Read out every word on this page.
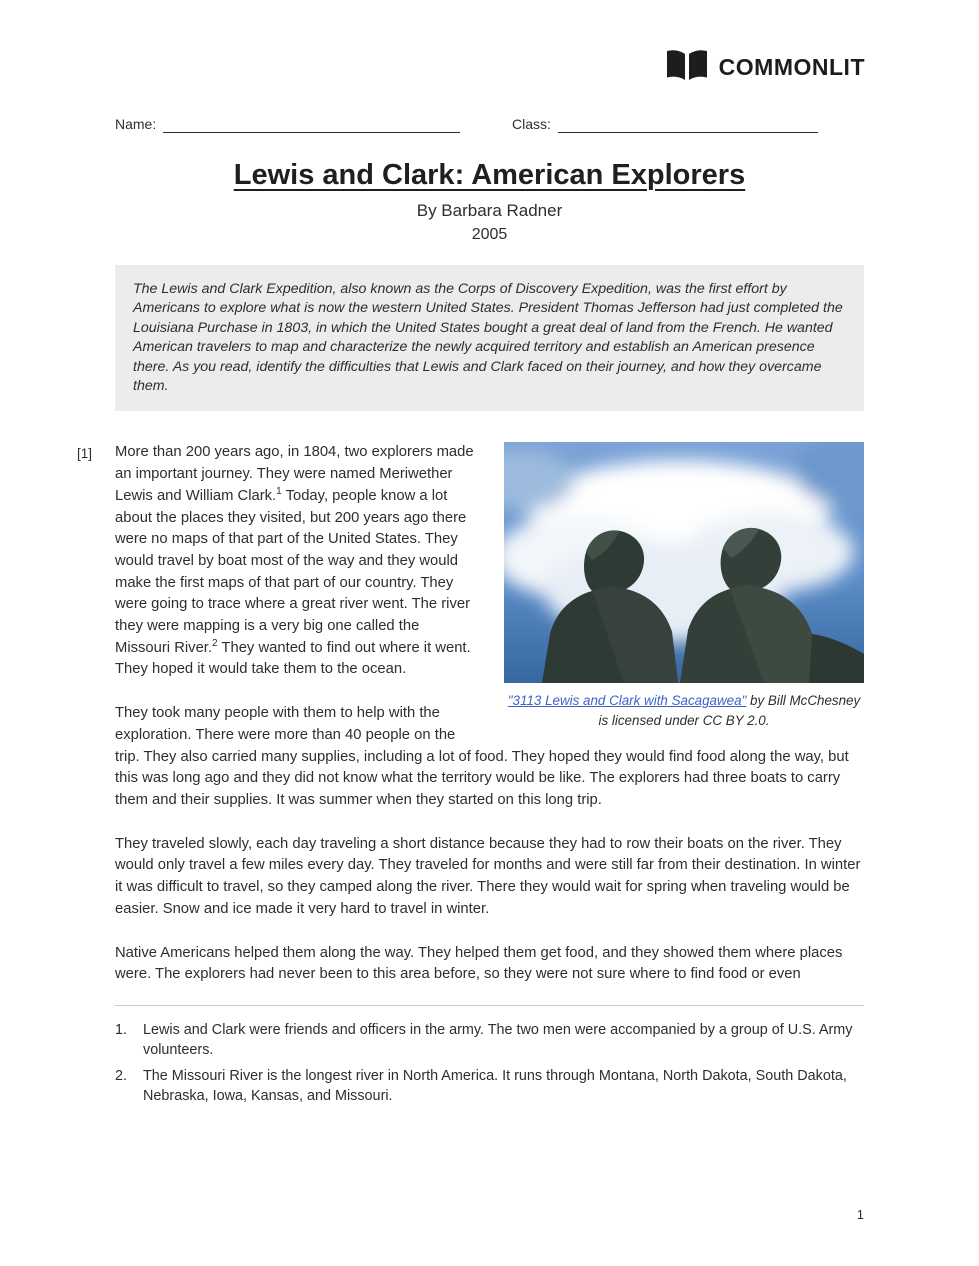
COMMONLIT
Name:	Class:
Lewis and Clark: American Explorers
By Barbara Radner
2005
The Lewis and Clark Expedition, also known as the Corps of Discovery Expedition, was the first effort by Americans to explore what is now the western United States. President Thomas Jefferson had just completed the Louisiana Purchase in 1803, in which the United States bought a great deal of land from the French. He wanted American travelers to map and characterize the newly acquired territory and establish an American presence there. As you read, identify the difficulties that Lewis and Clark faced on their journey, and how they overcame them.
"3113 Lewis and Clark with Sacagawea" by Bill McChesney is licensed under CC BY 2.0.

[1] More than 200 years ago, in 1804, two explorers made an important journey. They were named Meriwether Lewis and William Clark.$^1$ Today, people know a lot about the places they visited, but 200 years ago there were no maps of that part of the United States. They would travel by boat most of the way and they would make the first maps of that part of our country. They were going to trace where a great river went. The river they were mapping is a very big one called the Missouri River.$^2$ They wanted to find out where it went. They hoped it would take them to the ocean.

They took many people with them to help with the exploration. There were more than 40 people on the trip. They also carried many supplies, including a lot of food. They hoped they would find food along the way, but this was long ago and they did not know what the territory would be like. The explorers had three boats to carry them and their supplies. It was summer when they started on this long trip.

They traveled slowly, each day traveling a short distance because they had to row their boats on the river. They would only travel a few miles every day. They traveled for months and were still far from their destination. In winter it was difficult to travel, so they camped along the river. There they would wait for spring when traveling would be easier. Snow and ice made it very hard to travel in winter.

Native Americans helped them along the way. They helped them get food, and they showed them where places were. The explorers had never been to this area before, so they were not sure where to find food or even

1.	Lewis and Clark were friends and officers in the army. The two men were accompanied by a group of U.S. Army volunteers.
2.	The Missouri River is the longest river in North America. It runs through Montana, North Dakota, South Dakota, Nebraska, Iowa, Kansas, and Missouri.
1
